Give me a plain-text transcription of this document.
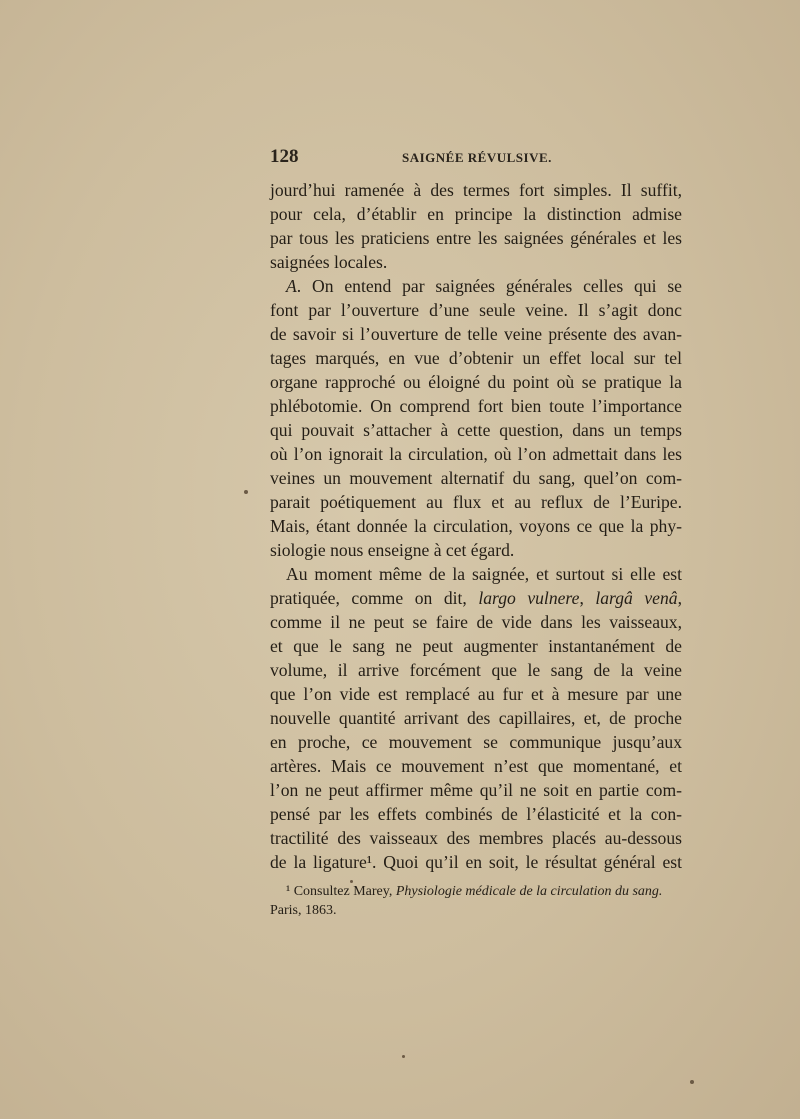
128	SAIGNÉE RÉVULSIVE.
jourd’hui ramenée à des termes fort simples. Il suffit,
pour cela, d’établir en principe la distinction admise
par tous les praticiens entre les saignées générales et les
saignées locales.
A. On entend par saignées générales celles qui se
font par l’ouverture d’une seule veine. Il s’agit donc
de savoir si l’ouverture de telle veine présente des avan-
tages marqués, en vue d’obtenir un effet local sur tel
organe rapproché ou éloigné du point où se pratique la
phlébotomie. On comprend fort bien toute l’importance
qui pouvait s’attacher à cette question, dans un temps
où l’on ignorait la circulation, où l’on admettait dans les
veines un mouvement alternatif du sang, quel’on com-
parait poétiquement au flux et au reflux de l’Euripe.
Mais, étant donnée la circulation, voyons ce que la phy-
siologie nous enseigne à cet égard.
Au moment même de la saignée, et surtout si elle est
pratiquée, comme on dit, largo vulnere, largâ venâ,
comme il ne peut se faire de vide dans les vaisseaux,
et que le sang ne peut augmenter instantanément de
volume, il arrive forcément que le sang de la veine
que l’on vide est remplacé au fur et à mesure par une
nouvelle quantité arrivant des capillaires, et, de proche
en proche, ce mouvement se communique jusqu’aux
artères. Mais ce mouvement n’est que momentané, et
l’on ne peut affirmer même qu’il ne soit en partie com-
pensé par les effets combinés de l’élasticité et la con-
tractilité des vaisseaux des membres placés au-dessous
de la ligature¹. Quoi qu’il en soit, le résultat général est
¹ Consultez Marey, Physiologie médicale de la circulation du sang.
Paris, 1863.
